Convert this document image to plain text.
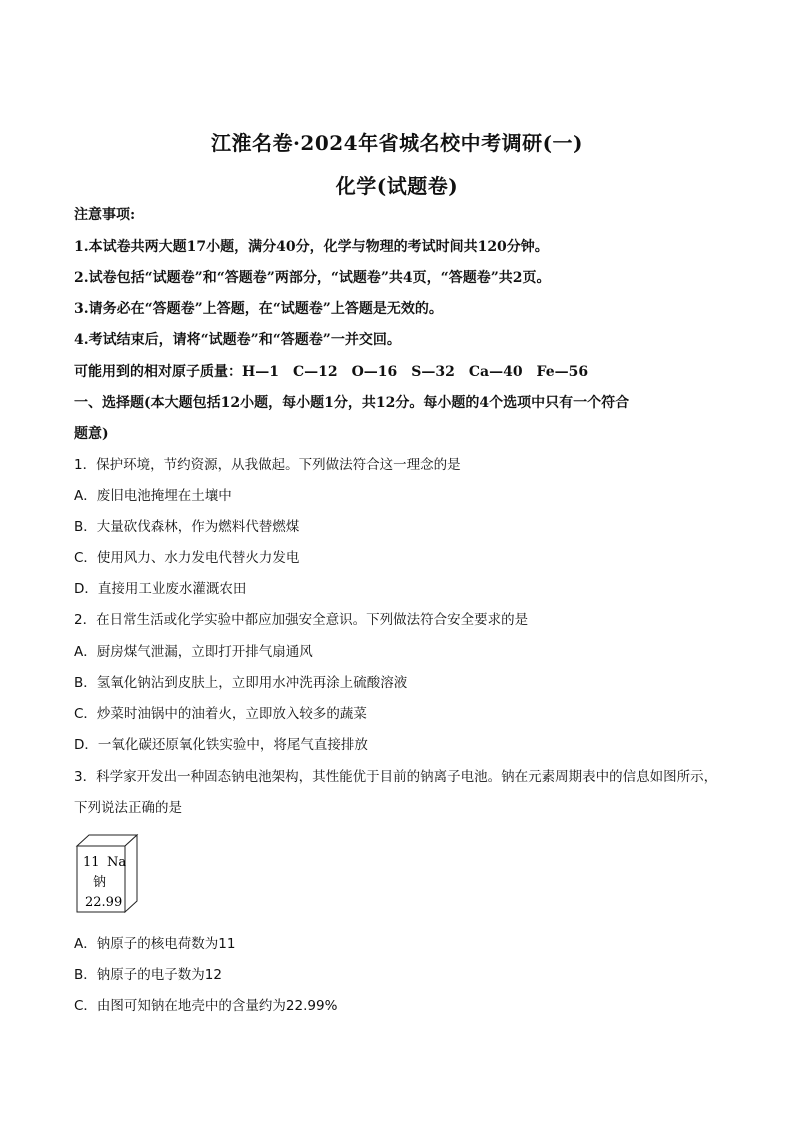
江淮名卷·2024年省城名校中考调研(一)
化学(试题卷)
注意事项:
1.本试卷共两大题17小题，满分40分，化学与物理的考试时间共120分钟。
2.试卷包括“试题卷”和“答题卷”两部分，“试题卷”共4页，“答题卷”共2页。
3.请务必在“答题卷”上答题，在“试题卷”上答题是无效的。
4.考试结束后，请将“试题卷”和“答题卷”一并交回。
可能用到的相对原子质量：H—1　C—12　O—16　S—32　Ca—40　Fe—56
一、选择题(本大题包括12小题，每小题1分，共12分。每小题的4个选项中只有一个符合
题意)
1．保护环境，节约资源，从我做起。下列做法符合这一理念的是
A．废旧电池掩埋在土壤中
B．大量砍伐森林，作为燃料代替燃煤
C．使用风力、水力发电代替火力发电
D．直接用工业废水灌溉农田
2．在日常生活或化学实验中都应加强安全意识。下列做法符合安全要求的是
A．厨房煤气泄漏，立即打开排气扇通风
B．氢氧化钠沾到皮肤上，立即用水冲洗再涂上硫酸溶液
C．炒菜时油锅中的油着火，立即放入较多的蔬菜
D．一氧化碳还原氧化铁实验中，将尾气直接排放
3．科学家开发出一种固态钠电池架构，其性能优于目前的钠离子电池。钠在元素周期表中的信息如图所示，
下列说法正确的是
11 Na
钠
22.99
A．钠原子的核电荷数为11
B．钠原子的电子数为12
C．由图可知钠在地壳中的含量约为22.99%
